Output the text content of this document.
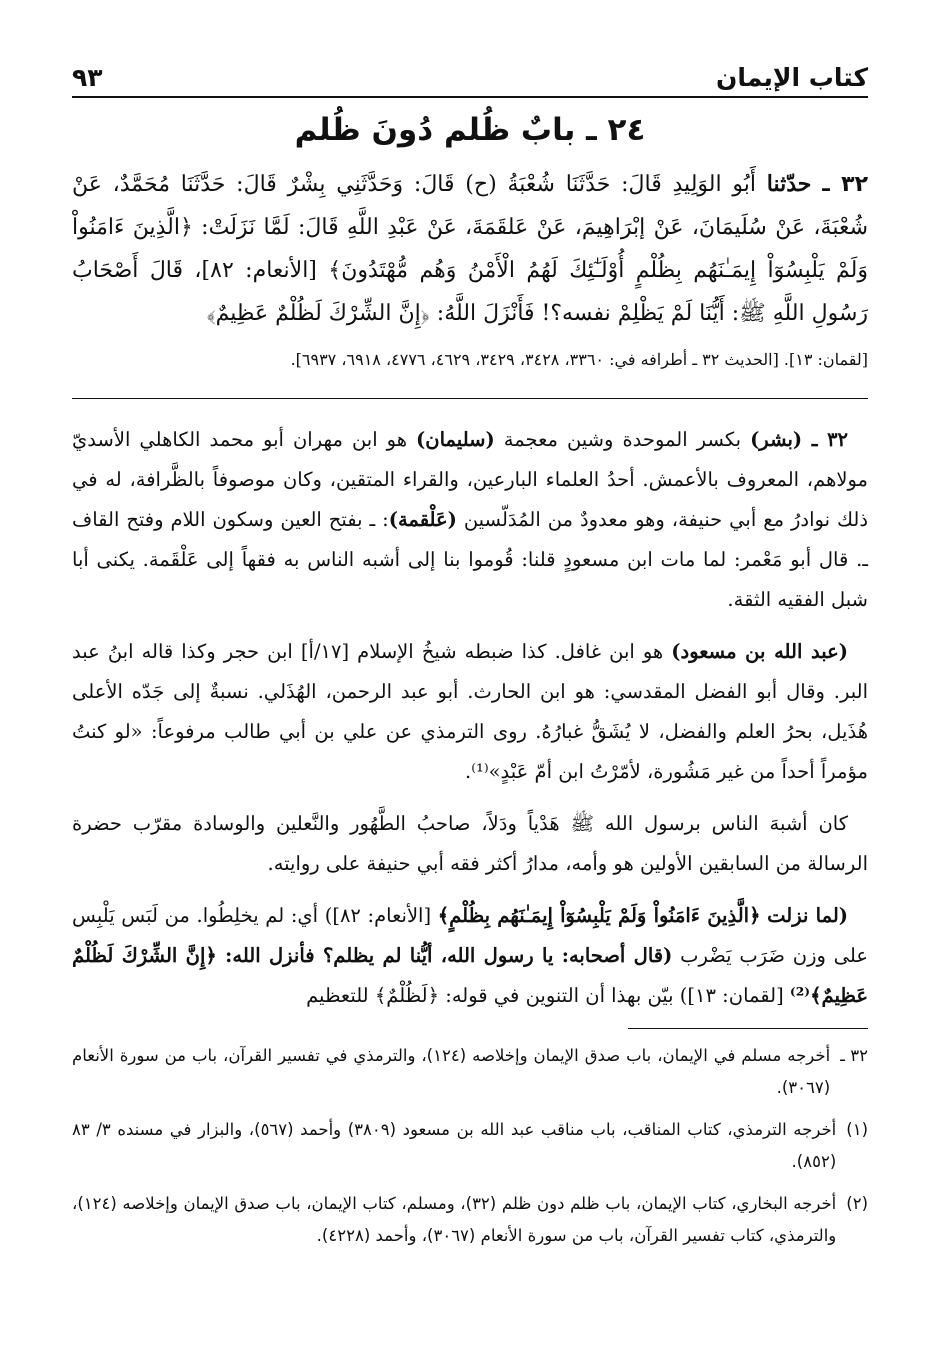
كتاب الإيمان
٩٣
٢٤ ـ بابٌ ظُلم دُونَ ظُلم
٣٢ ـ حدّثنا أَبُو الوَلِيدِ قَالَ: حَدَّثَنَا شُعْبَةُ (ح) قَالَ: وَحَدَّثَنِي بِشْرٌ قَالَ: حَدَّثَنَا مُحَمَّدٌ، عَنْ شُعْبَةَ، عَنْ سُلَيمَانَ، عَنْ إبْرَاهِيمَ، عَنْ عَلقَمَةَ، عَنْ عَبْدِ اللَّهِ قَالَ: لَمَّا نَزَلَتْ: ﴿الَّذِينَ ءَامَنُواْ وَلَمْ يَلْبِسُوٓاْ إِيمَـٰنَهُم بِظُلْمٍ أُوْلَـٰٓئِكَ لَهُمُ الْأَمْنُ وَهُم مُّهْتَدُونَ﴾ [الأنعام: ٨٢]، قَالَ أَصْحَابُ رَسُولِ اللَّهِ ﷺ: أَيُّنَا لَمْ يَظْلِمْ نفسه؟! فَأَنْزَلَ اللَّهُ: ﴿إِنَّ الشِّرْكَ لَظُلْمٌ عَظِيمٌ﴾
[لقمان: ١٣]. [الحديث ٣٢ ـ أطرافه في: ٣٣٦٠، ٣٤٢٨، ٣٤٢٩، ٤٦٢٩، ٤٧٧٦، ٦٩١٨، ٦٩٣٧].

٣٢ ـ (بشر) بكسر الموحدة وشين معجمة (سليمان) هو ابن مهران أبو محمد الكاهلي الأسديّ مولاهم، المعروف بالأعمش. أحدُ العلماء البارعين، والقراء المتقين، وكان موصوفاً بالظَّرافة، له في ذلك نوادرُ مع أبي حنيفة، وهو معدودٌ من المُدَلّسين (عَلْقمة): ـ بفتح العين وسكون اللام وفتح القاف ـ. قال أبو مَعْمر: لما مات ابن مسعودٍ قلنا: قُوموا بنا إلى أشبه الناس به فقهاً إلى عَلْقَمة. يكنى أبا شبل الفقيه الثقة.

(عبد الله بن مسعود) هو ابن غافل. كذا ضبطه شيخُ الإسلام [١٧/أ] ابن حجر وكذا قاله ابنُ عبد البر. وقال أبو الفضل المقدسي: هو ابن الحارث. أبو عبد الرحمن، الهُذَلي. نسبةٌ إلى جَدّه الأعلى هُذَيل، بحرُ العلم والفضل، لا يُشَقُّ غبارُهُ. روى الترمذي عن علي بن أبي طالب مرفوعاً: «لو كنتُ مؤمراً أحداً من غير مَشُورة، لأمّرْتُ ابن أمّ عَبْدٍ»⁽¹⁾.

كان أشبهَ الناس برسول الله ﷺ هَدْياً ودَلاً، صاحبُ الطَّهُور والنَّعلين والوسادة مقرّب حضرة الرسالة من السابقين الأولين هو وأمه، مدارُ أكثر فقه أبي حنيفة على روايته.

(لما نزلت ﴿الَّذِينَ ءَامَنُواْ وَلَمْ يَلْبِسُوٓاْ إِيمَـٰنَهُم بِظُلْمٍ﴾ [الأنعام: ٨٢]) أي: لم يخلِطُوا. من لَبَس يَلْبِس على وزن ضَرَب يَضْرب (قال أصحابه: يا رسول الله، أيُّنا لم يظلم؟ فأنزل الله: ﴿إِنَّ الشِّرْكَ لَظُلْمٌ عَظِيمٌ﴾⁽²⁾ [لقمان: ١٣]) بيّن بهذا أن التنوين في قوله: ﴿لَظُلْمٌ﴾ للتعظيم

٣٢ ـ
أخرجه مسلم في الإيمان، باب صدق الإيمان وإخلاصه (١٢٤)، والترمذي في تفسير القرآن، باب من سورة الأنعام (٣٠٦٧).
(١)
أخرجه الترمذي، كتاب المناقب، باب مناقب عبد الله بن مسعود (٣٨٠٩) وأحمد (٥٦٧)، والبزار في مسنده ٣/ ٨٣ (٨٥٢).
(٢)
أخرجه البخاري، كتاب الإيمان، باب ظلم دون ظلم (٣٢)، ومسلم، كتاب الإيمان، باب صدق الإيمان وإخلاصه (١٢٤)، والترمذي، كتاب تفسير القرآن، باب من سورة الأنعام (٣٠٦٧)، وأحمد (٤٢٢٨).
